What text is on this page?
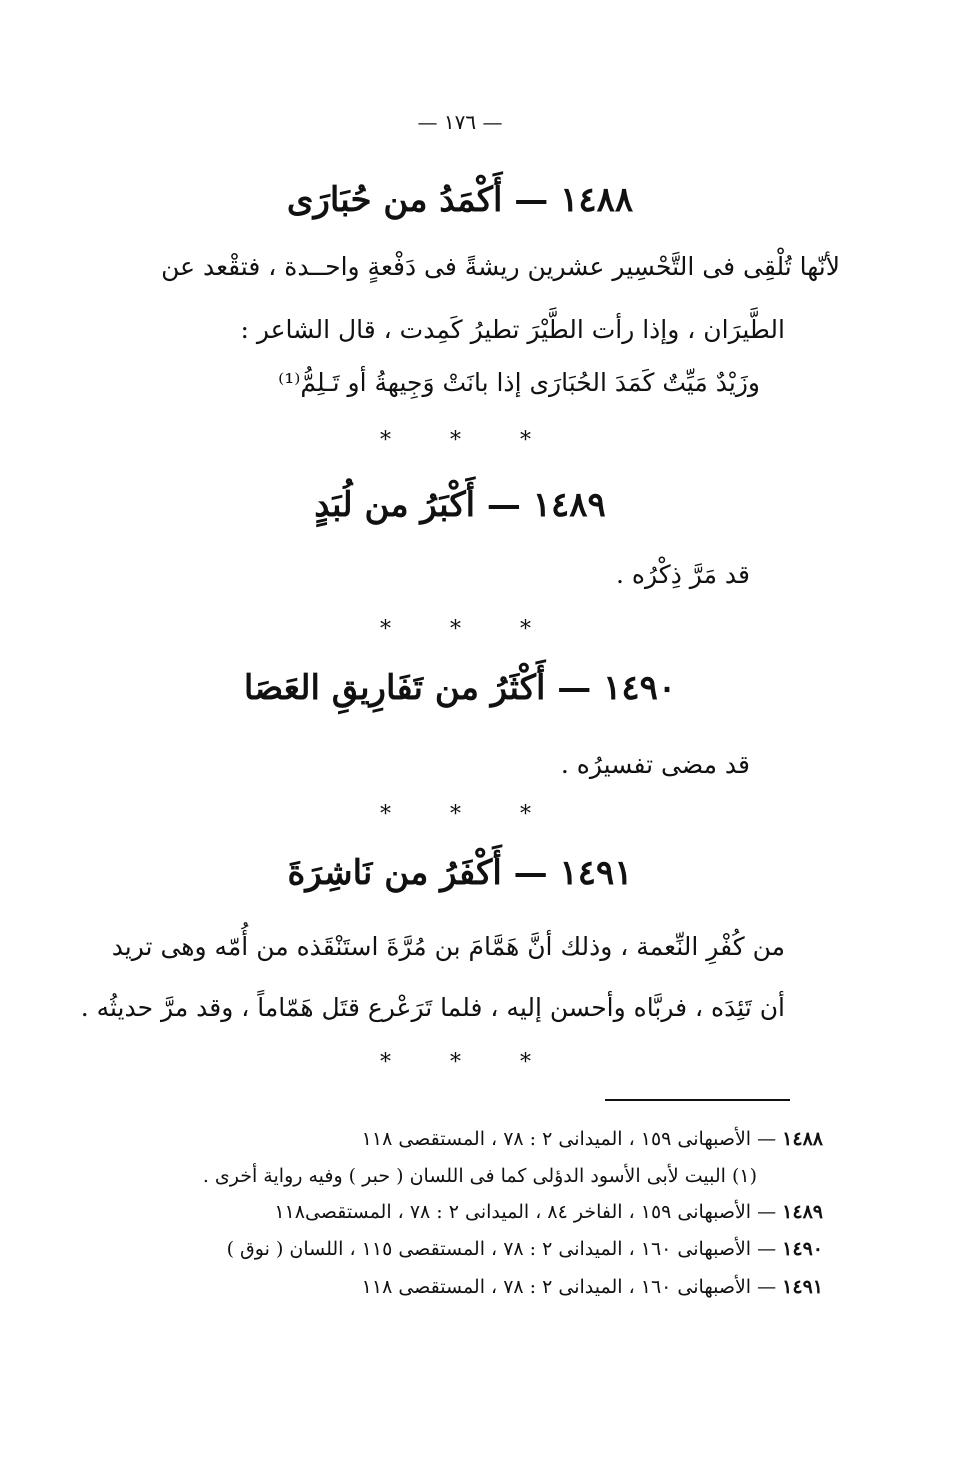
— ١٧٦ —
١٤٨٨ — أَكْمَدُ من حُبَارَى
لأنّها تُلْقِى فى التَّحْسِير عشرين ريشةً فى دَفْعةٍ واحــدة ، فتقْعد عن
الطَّيرَان ، وإذا رأت الطَّيْرَ تطيرُ كَمِدت ، قال الشاعر :
وزَيْدٌ مَيِّتٌ كَمَدَ الحُبَارَى إذا بانَتْ وَجِيهةُ أو تَـلِمُّ⁽¹⁾
* * *
١٤٨٩ — أَكْبَرُ من لُبَدٍ
قد مَرَّ ذِكْرُه .
* * *
١٤٩٠ — أَكْثَرُ من تَفَارِيقِ العَصَا
قد مضى تفسيرُه .
* * *
١٤٩١ — أَكْفَرُ من نَاشِرَةَ
من كُفْرِ النِّعمة ، وذلك أنَّ هَمَّامَ بن مُرَّةَ استَنْقَذه من أُمّه وهى تريد
أن تَئِدَه ، فربَّاه وأحسن إليه ، فلما تَرَعْرع قتَل هَمّاماً ، وقد مرَّ حديثُه .
* * *
١٤٨٨ — الأصبهانى ١٥٩ ، الميدانى ٢ : ٧٨ ، المستقصى ١١٨
(١) البيت لأبى الأسود الدؤلى كما فى اللسان ( حبر ) وفيه رواية أخرى .
١٤٨٩ — الأصبهانى ١٥٩ ، الفاخر ٨٤ ، الميدانى ٢ : ٧٨ ، المستقصى١١٨
١٤٩٠ — الأصبهانى ١٦٠ ، الميدانى ٢ : ٧٨ ، المستقصى ١١٥ ، اللسان ( نوق )
١٤٩١ — الأصبهانى ١٦٠ ، الميدانى ٢ : ٧٨ ، المستقصى ١١٨
